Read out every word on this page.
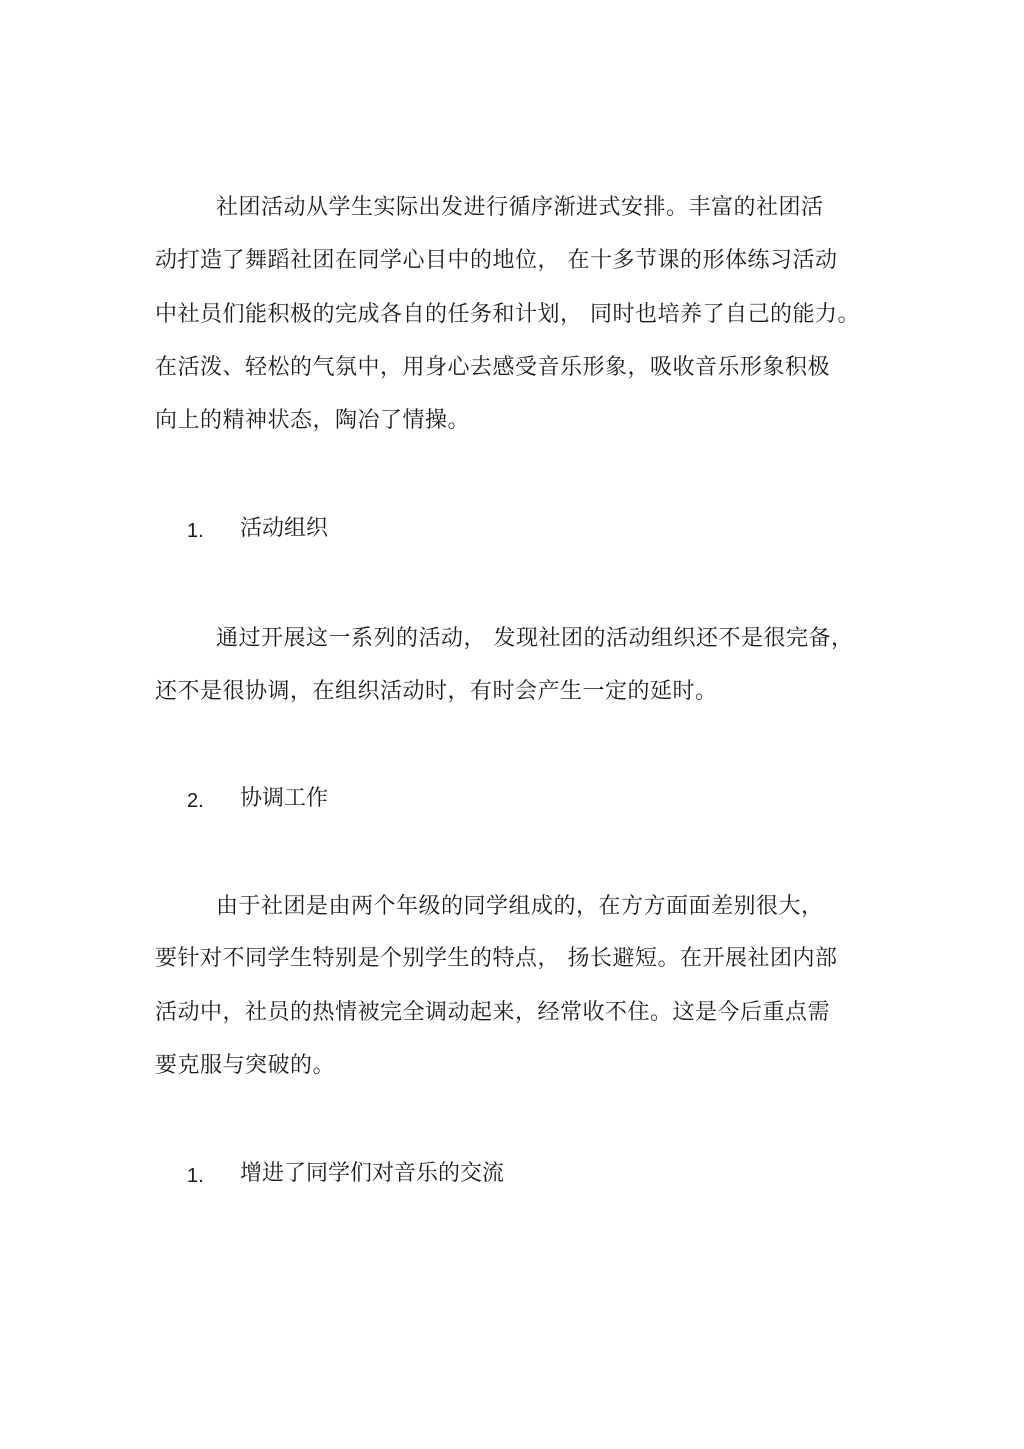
社团活动从学生实际出发进行循序渐进式安排。丰富的社团活
动打造了舞蹈社团在同学心目中的地位， 在十多节课的形体练习活动
中社员们能积极的完成各自的任务和计划， 同时也培养了自己的能力。
在活泼、轻松的气氛中，用身心去感受音乐形象，吸收音乐形象积极
向上的精神状态，陶冶了情操。
1. 活动组织
通过开展这一系列的活动， 发现社团的活动组织还不是很完备，
还不是很协调，在组织活动时，有时会产生一定的延时。
2. 协调工作
由于社团是由两个年级的同学组成的，在方方面面差别很大，
要针对不同学生特别是个别学生的特点， 扬长避短。在开展社团内部
活动中，社员的热情被完全调动起来，经常收不住。这是今后重点需
要克服与突破的。
1. 增进了同学们对音乐的交流
